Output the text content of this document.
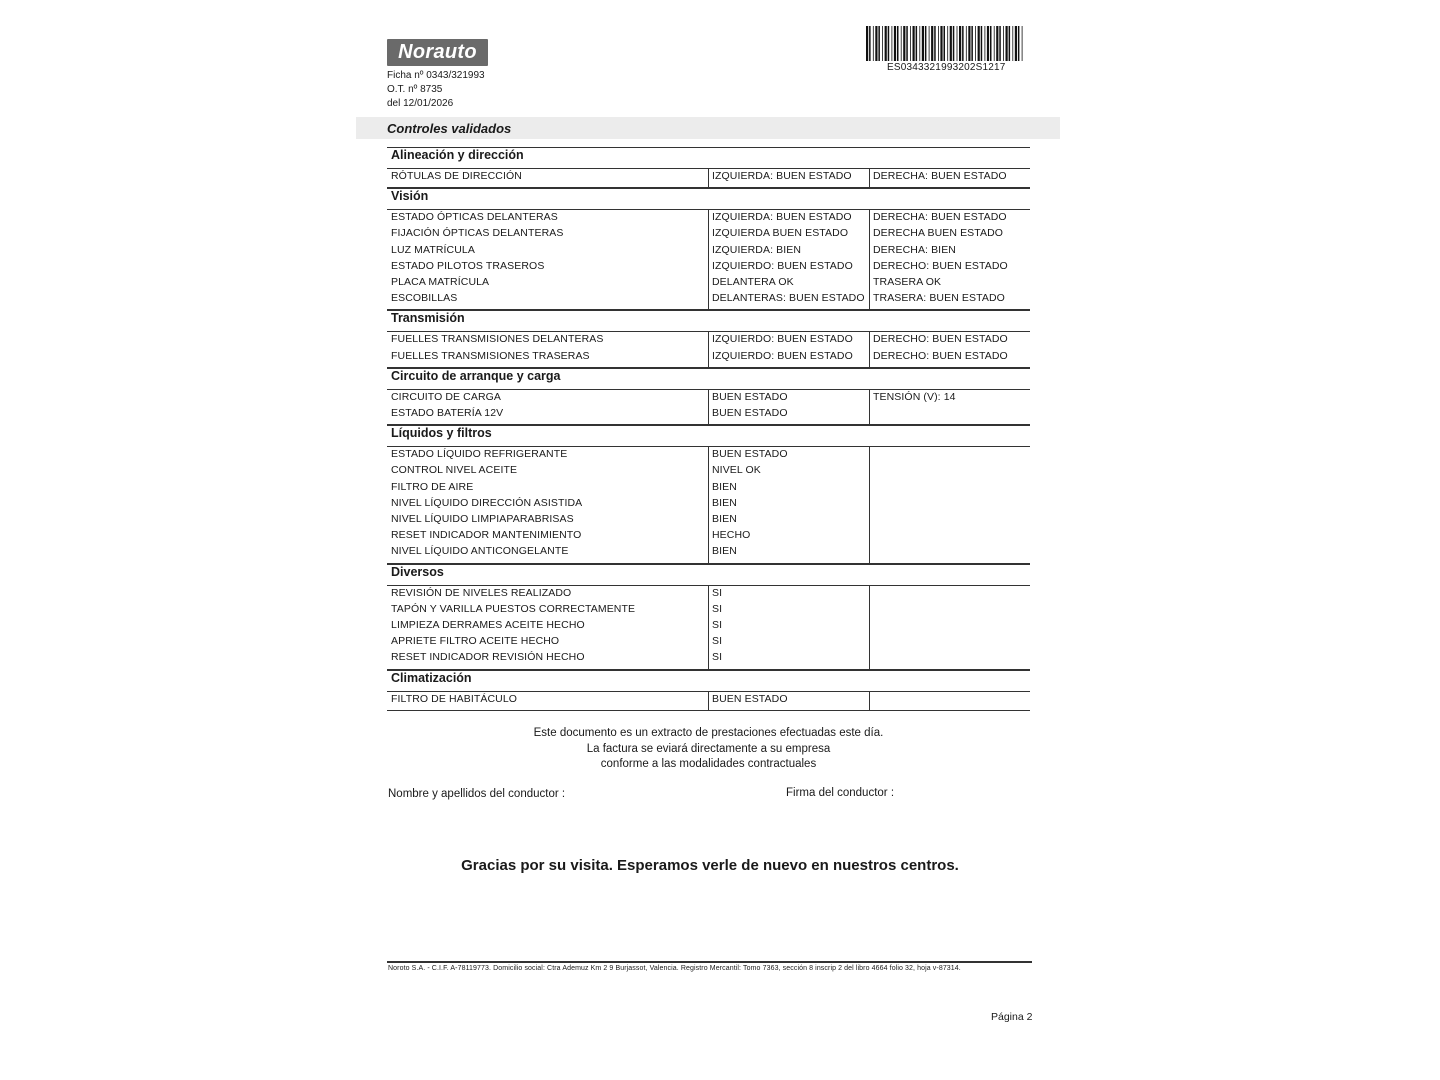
Norauto
Ficha nº 0343/321993
O.T. nº 8735
del 12/01/2026
ES0343321993202S1217
Controles validados
Alineación y dirección
RÓTULAS DE DIRECCIÓN	IZQUIERDA: BUEN ESTADO DERECHA: BUEN ESTADO
Visión
ESTADO ÓPTICAS DELANTERAS	IZQUIERDA: BUEN ESTADO DERECHA: BUEN ESTADO
FIJACIÓN ÓPTICAS DELANTERAS	IZQUIERDA BUEN ESTADO DERECHA BUEN ESTADO
LUZ MATRÍCULA	IZQUIERDA: BIEN	DERECHA: BIEN
ESTADO PILOTOS TRASEROS	IZQUIERDO: BUEN ESTADO DERECHO: BUEN ESTADO
PLACA MATRÍCULA	DELANTERA OK	TRASERA OK
ESCOBILLAS	DELANTERAS: BUEN ESTADO TRASERA: BUEN ESTADO
Transmisión
FUELLES TRANSMISIONES DELANTERAS	IZQUIERDO: BUEN ESTADO DERECHO: BUEN ESTADO
FUELLES TRANSMISIONES TRASERAS	IZQUIERDO: BUEN ESTADO DERECHO: BUEN ESTADO
Circuito de arranque y carga
CIRCUITO DE CARGA	BUEN ESTADO	TENSIÓN (V): 14
ESTADO BATERÍA 12V	BUEN ESTADO
Líquidos y filtros
ESTADO LÍQUIDO REFRIGERANTE	BUEN ESTADO
CONTROL NIVEL ACEITE	NIVEL OK
FILTRO DE AIRE	BIEN
NIVEL LÍQUIDO DIRECCIÓN ASISTIDA	BIEN
NIVEL LÍQUIDO LIMPIAPARABRISAS	BIEN
RESET INDICADOR MANTENIMIENTO	HECHO
NIVEL LÍQUIDO ANTICONGELANTE	BIEN
Diversos
REVISIÓN DE NIVELES REALIZADO	SI
TAPÓN Y VARILLA PUESTOS CORRECTAMENTE	SI
LIMPIEZA DERRAMES ACEITE HECHO	SI
APRIETE FILTRO ACEITE HECHO	SI
RESET INDICADOR REVISIÓN HECHO	SI
Climatización
FILTRO DE HABITÁCULO	BUEN ESTADO
Este documento es un extracto de prestaciones efectuadas este día.
La factura se eviará directamente a su empresa
conforme a las modalidades contractuales
Nombre y apellidos del conductor :	Firma del conductor :
Gracias por su visita. Esperamos verle de nuevo en nuestros centros.
Noroto S.A. - C.I.F. A-78119773. Domicilio social: Ctra Ademuz Km 2 9 Burjassot, Valencia. Registro Mercantil: Tomo 7363, sección 8 inscrip 2 del libro 4664 folio 32, hoja v-87314.
Página 2
